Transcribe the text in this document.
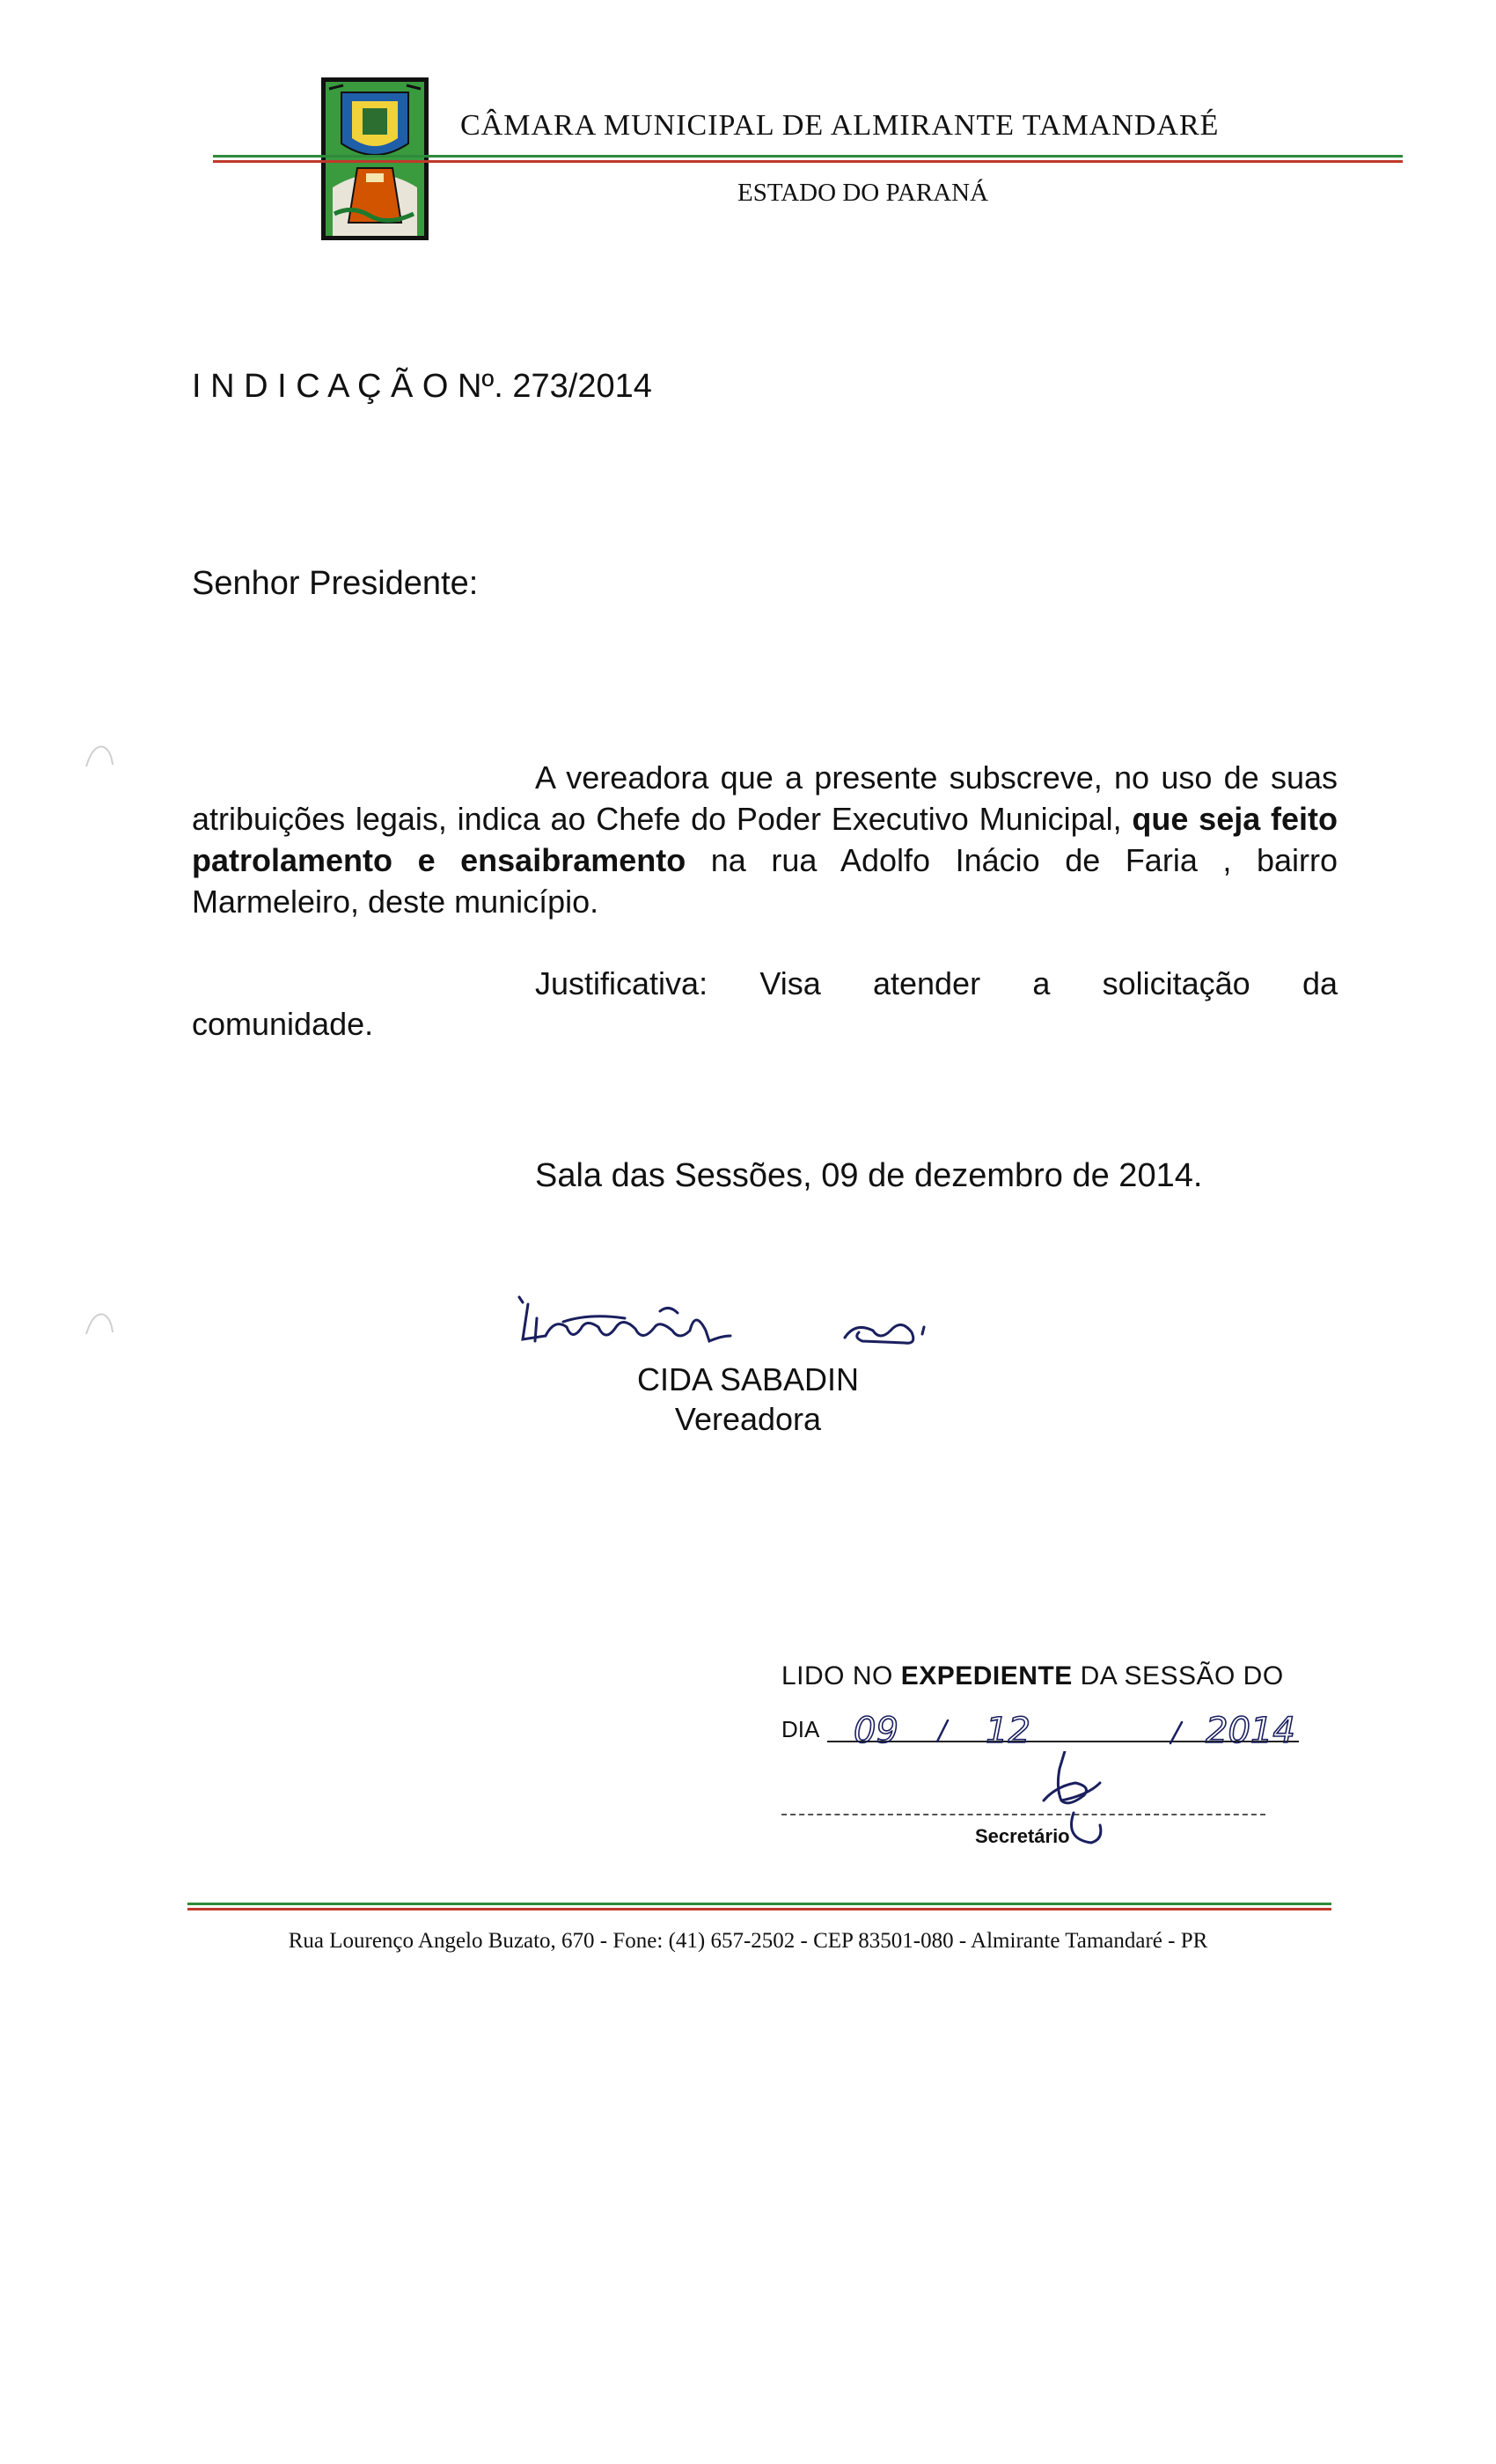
CÂMARA MUNICIPAL DE ALMIRANTE TAMANDARÉ
ESTADO DO PARANÁ
I N D I C A Ç Ã O Nº. 273/2014
Senhor Presidente:
A vereadora que a presente subscreve, no uso de suas atribuições legais, indica ao Chefe do Poder Executivo Municipal, que seja feito patrolamento e ensaibramento na rua Adolfo Inácio de Faria , bairro Marmeleiro, deste município.
Justificativa: Visa atender a solicitação da
comunidade.
Sala das Sessões, 09 de dezembro de 2014.
CIDA SABADIN
Vereadora
LIDO NO EXPEDIENTE DA SESSÃO DO
DIA 09 12	2014
Secretário
Rua Lourenço Angelo Buzato, 670 - Fone: (41) 657-2502 - CEP 83501-080 - Almirante Tamandaré - PR
